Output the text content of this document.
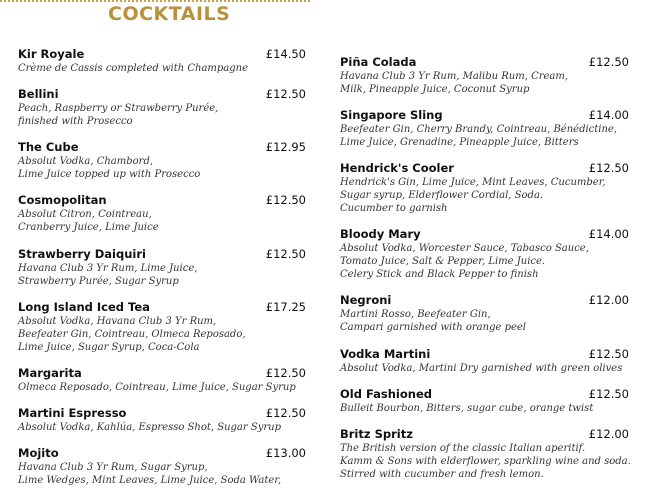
COCKTAILS
Kir Royale	£14.50
Crème de Cassis completed with Champagne
Bellini	£12.50
Peach, Raspberry or Strawberry Purée,
finished with Prosecco
The Cube	£12.95
Absolut Vodka, Chambord,
Lime Juice topped up with Prosecco
Cosmopolitan	£12.50
Absolut Citron, Cointreau,
Cranberry Juice, Lime Juice
Strawberry Daiquiri	£12.50
Havana Club 3 Yr Rum, Lime Juice,
Strawberry Purée, Sugar Syrup
Long Island Iced Tea	£17.25
Absolut Vodka, Havana Club 3 Yr Rum,
Beefeater Gin, Cointreau, Olmeca Reposado,
Lime Juice, Sugar Syrup, Coca-Cola
Margarita	£12.50
Olmeca Reposado, Cointreau, Lime Juice, Sugar Syrup
Martini Espresso	£12.50
Absolut Vodka, Kahlúa, Espresso Shot, Sugar Syrup
Mojito	£13.00
Havana Club 3 Yr Rum, Sugar Syrup,
Lime Wedges, Mint Leaves, Lime Juice, Soda Water,
Piña Colada	£12.50
Havana Club 3 Yr Rum, Malibu Rum, Cream,
Milk, Pineapple Juice, Coconut Syrup
Singapore Sling	£14.00
Beefeater Gin, Cherry Brandy, Cointreau, Bénédictine,
Lime Juice, Grenadine, Pineapple Juice, Bitters
Hendrick's Cooler	£12.50
Hendrick's Gin, Lime Juice, Mint Leaves, Cucumber,
Sugar syrup, Elderflower Cordial, Soda.
Cucumber to garnish
Bloody Mary	£14.00
Absolut Vodka, Worcester Sauce, Tabasco Sauce,
Tomato Juice, Salt & Pepper, Lime Juice.
Celery Stick and Black Pepper to finish
Negroni	£12.00
Martini Rosso, Beefeater Gin,
Campari garnished with orange peel
Vodka Martini	£12.50
Absolut Vodka, Martini Dry garnished with green olives
Old Fashioned	£12.50
Bulleit Bourbon, Bitters, sugar cube, orange twist
Britz Spritz	£12.00
The British version of the classic Italian aperitif.
Kamm & Sons with elderflower, sparkling wine and soda.
Stirred with cucumber and fresh lemon.
